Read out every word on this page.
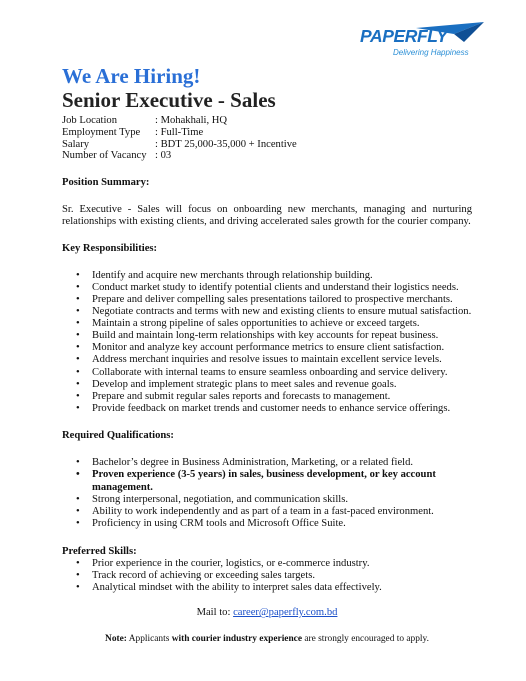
PAPERFLY
Delivering Happiness
We Are Hiring!
Senior Executive - Sales
Job Location	: Mohakhali, HQ
Employment Type	: Full-Time
Salary	: BDT 25,000-35,000 + Incentive
Number of Vacancy : 03
Position Summary:

Sr. Executive - Sales will focus on onboarding new merchants, managing and nurturing relationships with existing clients, and driving accelerated sales growth for the courier company.

Key Responsibilities:
• Identify and acquire new merchants through relationship building.
• Conduct market study to identify potential clients and understand their logistics needs.
• Prepare and deliver compelling sales presentations tailored to prospective merchants.
• Negotiate contracts and terms with new and existing clients to ensure mutual satisfaction.
• Maintain a strong pipeline of sales opportunities to achieve or exceed targets.
• Build and maintain long-term relationships with key accounts for repeat business.
• Monitor and analyze key account performance metrics to ensure client satisfaction.
• Address merchant inquiries and resolve issues to maintain excellent service levels.
• Collaborate with internal teams to ensure seamless onboarding and service delivery.
• Develop and implement strategic plans to meet sales and revenue goals.
• Prepare and submit regular sales reports and forecasts to management.
• Provide feedback on market trends and customer needs to enhance service offerings.
Required Qualifications:
• Bachelor’s degree in Business Administration, Marketing, or a related field.
• Proven experience (3-5 years) in sales, business development, or key account management.
• Strong interpersonal, negotiation, and communication skills.
• Ability to work independently and as part of a team in a fast-paced environment.
• Proficiency in using CRM tools and Microsoft Office Suite.
Preferred Skills:
• Prior experience in the courier, logistics, or e-commerce industry.
• Track record of achieving or exceeding sales targets.
• Analytical mindset with the ability to interpret sales data effectively.
Mail to: career@paperfly.com.bd
Note: Applicants with courier industry experience are strongly encouraged to apply.
